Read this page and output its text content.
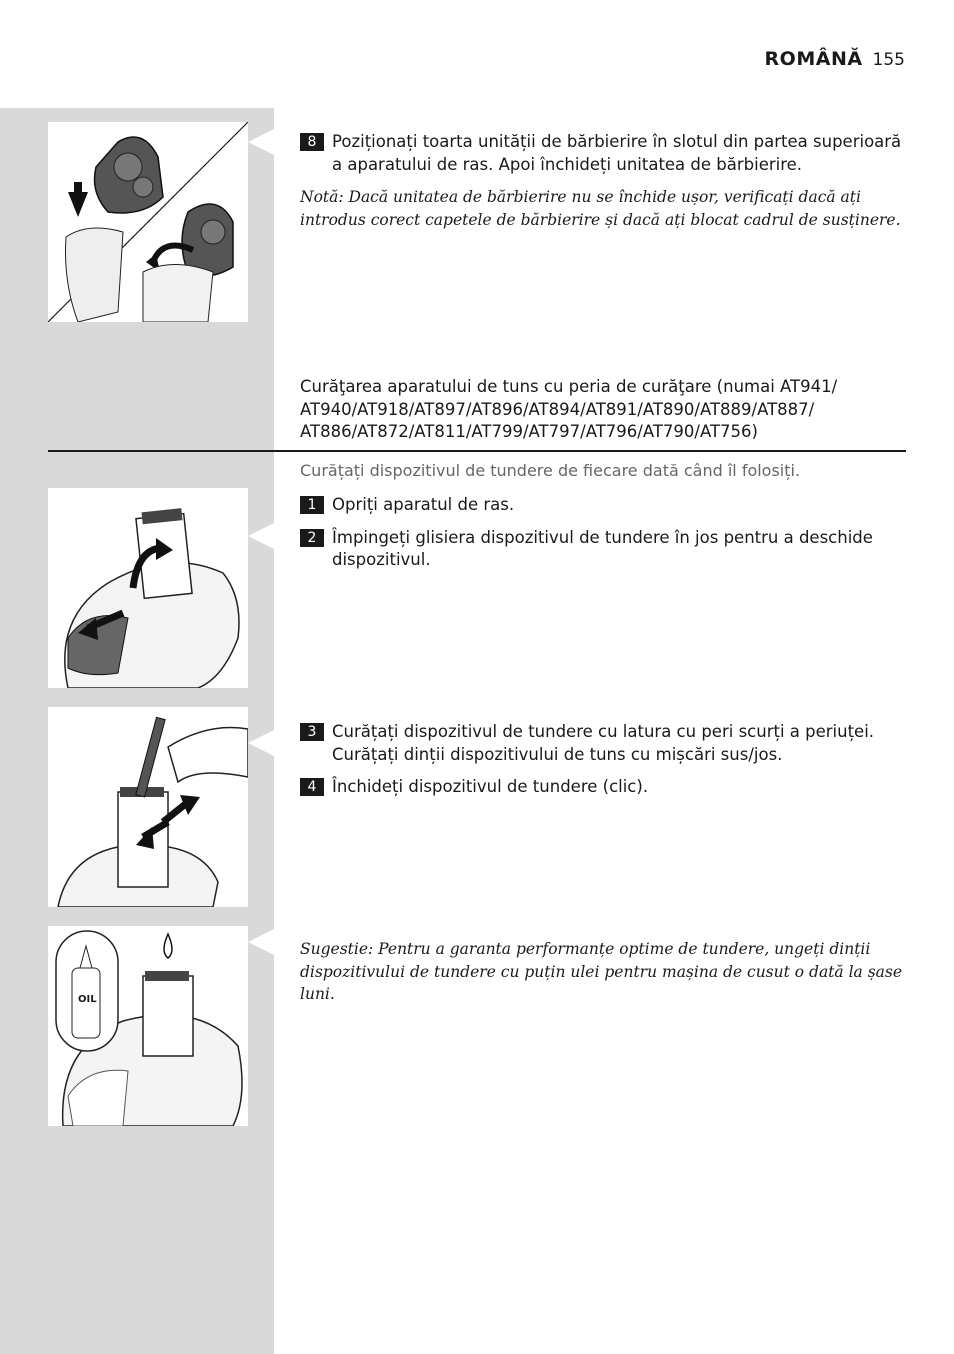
ROMÂNĂ 155
8 Poziționați toarta unității de bărbierire în slotul din partea superioară a aparatului de ras. Apoi închideți unitatea de bărbierire.
Notă: Dacă unitatea de bărbierire nu se închide ușor, verificați dacă ați introdus corect capetele de bărbierire și dacă ați blocat cadrul de susținere.
Curăţarea aparatului de tuns cu peria de curăţare (numai AT941/ AT940/AT918/AT897/AT896/AT894/AT891/AT890/AT889/AT887/ AT886/AT872/AT811/AT799/AT797/AT796/AT790/AT756)
Curățați dispozitivul de tundere de fiecare dată când îl folosiți.
1 Opriți aparatul de ras.
2 Împingeți glisiera dispozitivul de tundere în jos pentru a deschide dispozitivul.
3 Curățați dispozitivul de tundere cu latura cu peri scurți a periuței. Curățați dinții dispozitivului de tuns cu mișcări sus/jos.
4 Închideți dispozitivul de tundere (clic).
OIL
Sugestie: Pentru a garanta performanțe optime de tundere, ungeți dinții dispozitivului de tundere cu puțin ulei pentru mașina de cusut o dată la șase luni.
